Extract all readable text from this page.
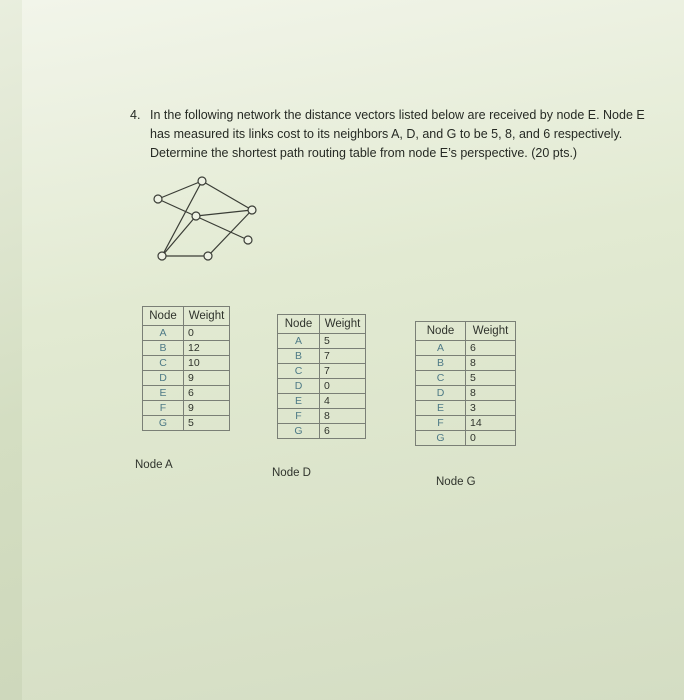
4. In the following network the distance vectors listed below are received by node E. Node E has measured its links cost to its neighbors A, D, and G to be 5, 8, and 6 respectively. Determine the shortest path routing table from node E’s perspective. (20 pts.)
Node	Weight
A	0
B	12
C	10
D	9
E	6
F	9
G	5
Node A
Node	Weight
A	5
B	7
C	7
D	0
E	4
F	8
G	6
Node D
Node	Weight
A	6
B	8
C	5
D	8
E	3
F	14
G	0
Node G
